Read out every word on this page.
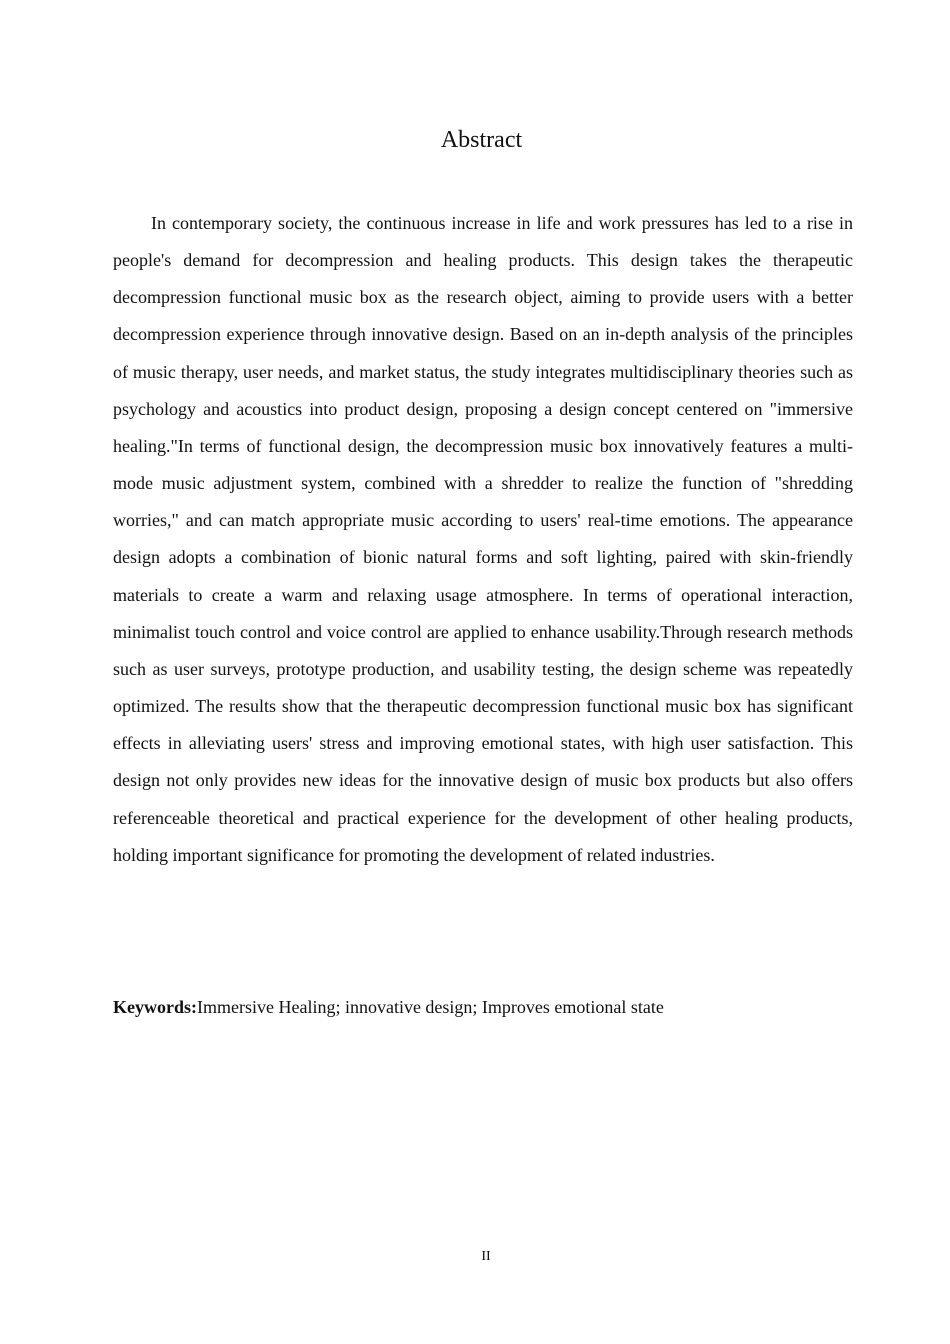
Abstract

In contemporary society, the continuous increase in life and work pressures has led to a rise in people's demand for decompression and healing products. This design takes the therapeutic decompression functional music box as the research object, aiming to provide users with a better decompression experience through innovative design. Based on an in-depth analysis of the principles of music therapy, user needs, and market status, the study integrates multidisciplinary theories such as psychology and acoustics into product design, proposing a design concept centered on "immersive healing."In terms of functional design, the decompression music box innovatively features a multi-mode music adjustment system, combined with a shredder to realize the function of "shredding worries," and can match appropriate music according to users' real-time emotions. The appearance design adopts a combination of bionic natural forms and soft lighting, paired with skin-friendly materials to create a warm and relaxing usage atmosphere. In terms of operational interaction, minimalist touch control and voice control are applied to enhance usability.Through research methods such as user surveys, prototype production, and usability testing, the design scheme was repeatedly optimized. The results show that the therapeutic decompression functional music box has significant effects in alleviating users' stress and improving emotional states, with high user satisfaction. This design not only provides new ideas for the innovative design of music box products but also offers referenceable theoretical and practical experience for the development of other healing products, holding important significance for promoting the development of related industries.

Keywords:Immersive Healing; innovative design; Improves emotional state

II
